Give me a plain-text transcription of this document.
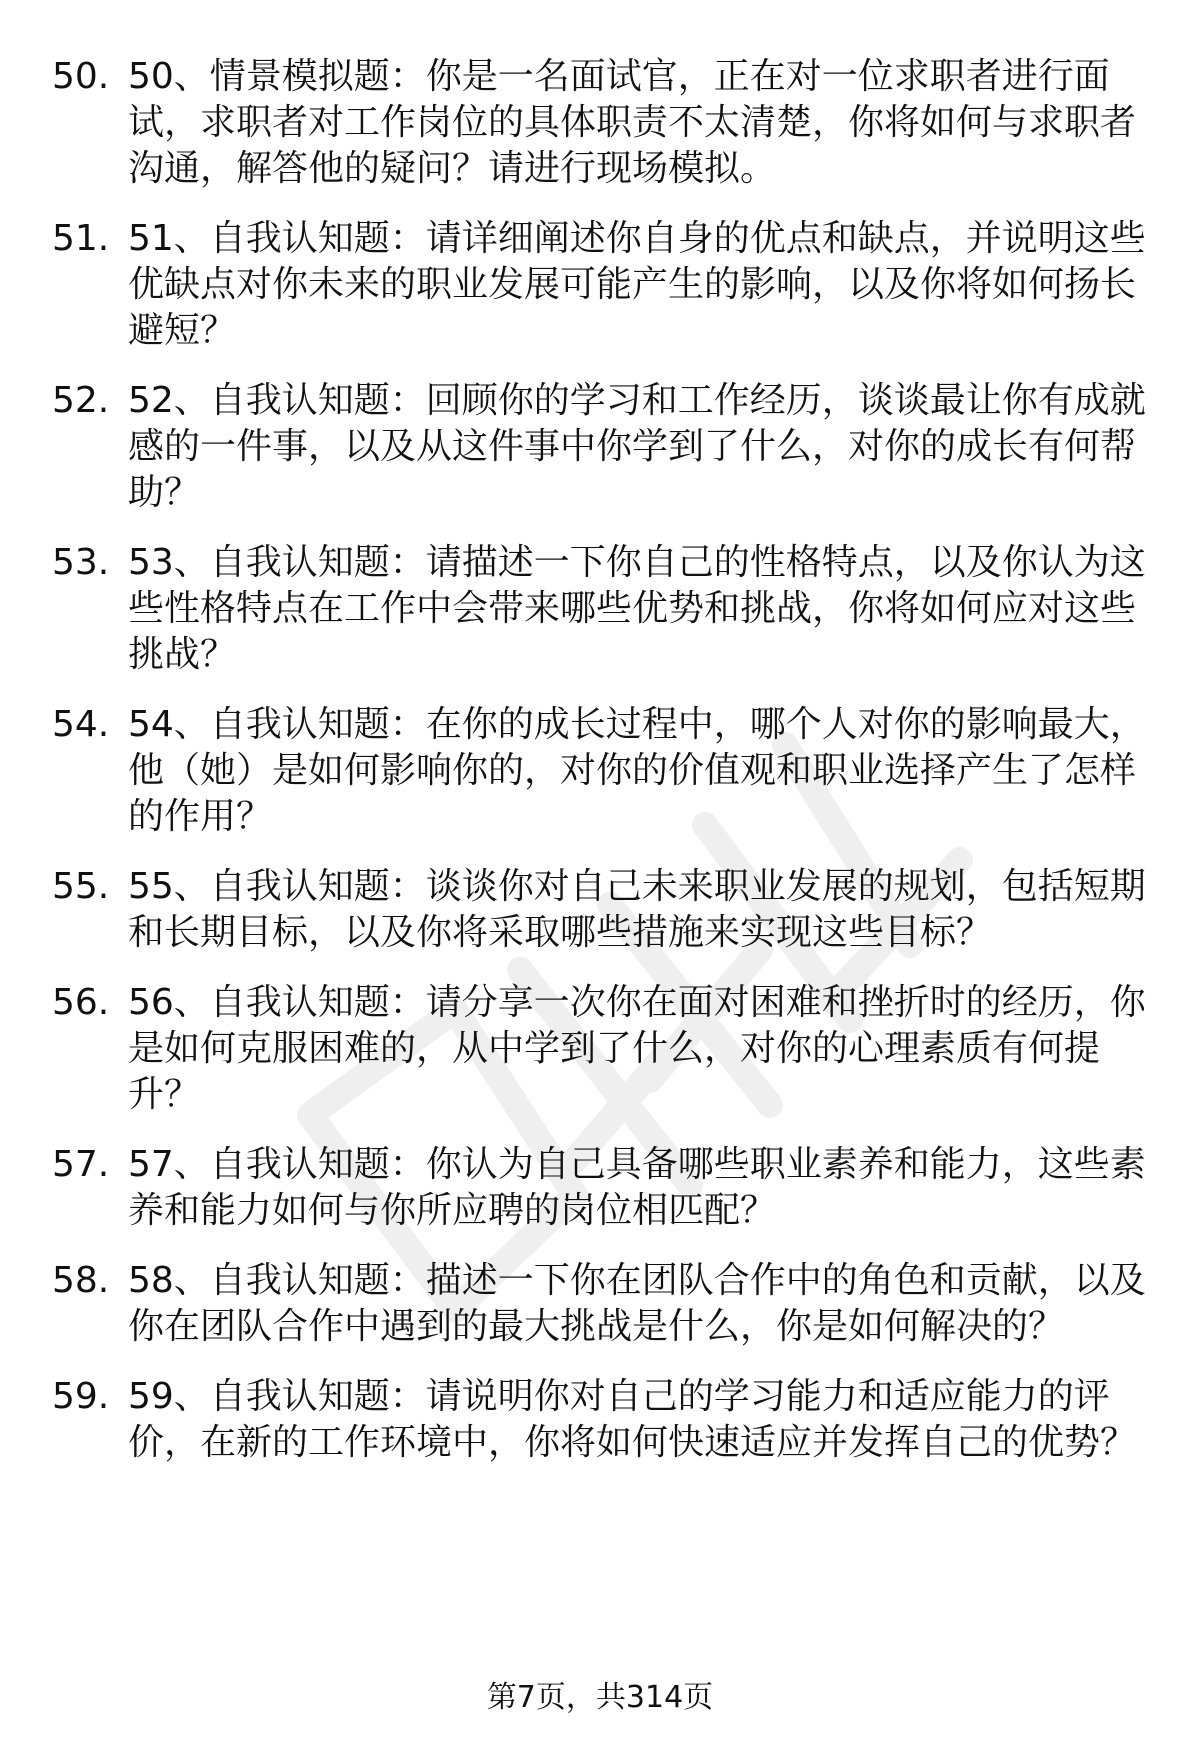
50. 50、情景模拟题：你是一名面试官，正在对一位求职者进行面试，求职者对工作岗位的具体职责不太清楚，你将如何与求职者沟通，解答他的疑问？请进行现场模拟。
51. 51、自我认知题：请详细阐述你自身的优点和缺点，并说明这些优缺点对你未来的职业发展可能产生的影响，以及你将如何扬长避短？
52. 52、自我认知题：回顾你的学习和工作经历，谈谈最让你有成就感的一件事，以及从这件事中你学到了什么，对你的成长有何帮助？
53. 53、自我认知题：请描述一下你自己的性格特点，以及你认为这些性格特点在工作中会带来哪些优势和挑战，你将如何应对这些挑战？
54. 54、自我认知题：在你的成长过程中，哪个人对你的影响最大，他（她）是如何影响你的，对你的价值观和职业选择产生了怎样的作用？
55. 55、自我认知题：谈谈你对自己未来职业发展的规划，包括短期和长期目标，以及你将采取哪些措施来实现这些目标？
56. 56、自我认知题：请分享一次你在面对困难和挫折时的经历，你是如何克服困难的，从中学到了什么，对你的心理素质有何提升？
57. 57、自我认知题：你认为自己具备哪些职业素养和能力，这些素养和能力如何与你所应聘的岗位相匹配？
58. 58、自我认知题：描述一下你在团队合作中的角色和贡献，以及你在团队合作中遇到的最大挑战是什么，你是如何解决的？
59. 59、自我认知题：请说明你对自己的学习能力和适应能力的评价，在新的工作环境中，你将如何快速适应并发挥自己的优势？
第7页，共314页
